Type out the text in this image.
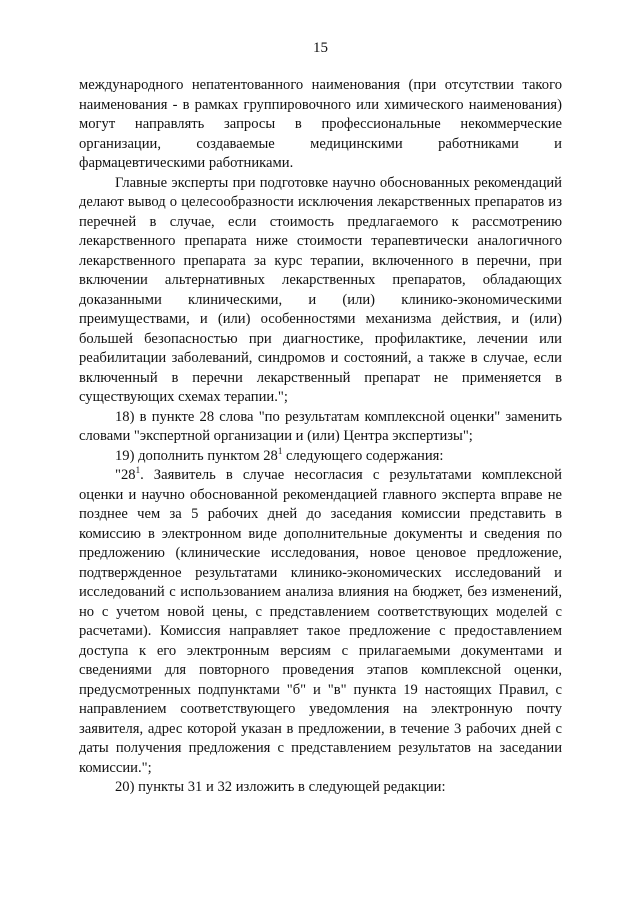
15

международного непатентованного наименования (при отсутствии такого наименования - в рамках группировочного или химического наименования) могут направлять запросы в профессиональные некоммерческие организации, создаваемые медицинскими работниками и фармацевтическими работниками.

Главные эксперты при подготовке научно обоснованных рекомендаций делают вывод о целесообразности исключения лекарственных препаратов из перечней в случае, если стоимость предлагаемого к рассмотрению лекарственного препарата ниже стоимости терапевтически аналогичного лекарственного препарата за курс терапии, включенного в перечни, при включении альтернативных лекарственных препаратов, обладающих доказанными клиническими, и (или) клинико-экономическими преимуществами, и (или) особенностями механизма действия, и (или) большей безопасностью при диагностике, профилактике, лечении или реабилитации заболеваний, синдромов и состояний, а также в случае, если включенный в перечни лекарственный препарат не применяется в существующих схемах терапии.";

18) в пункте 28 слова "по результатам комплексной оценки" заменить словами "экспертной организации и (или) Центра экспертизы";

19) дополнить пунктом $28^1$ следующего содержания:

"$28^1$. Заявитель в случае несогласия с результатами комплексной оценки и научно обоснованной рекомендацией главного эксперта вправе не позднее чем за 5 рабочих дней до заседания комиссии представить в комиссию в электронном виде дополнительные документы и сведения по предложению (клинические исследования, новое ценовое предложение, подтвержденное результатами клинико-экономических исследований и исследований с использованием анализа влияния на бюджет, без изменений, но с учетом новой цены, с представлением соответствующих моделей с расчетами). Комиссия направляет такое предложение с предоставлением доступа к его электронным версиям с прилагаемыми документами и сведениями для повторного проведения этапов комплексной оценки, предусмотренных подпунктами "б" и "в" пункта 19 настоящих Правил, с направлением соответствующего уведомления на электронную почту заявителя, адрес которой указан в предложении, в течение 3 рабочих дней с даты получения предложения с представлением результатов на заседании комиссии.";

20) пункты 31 и 32 изложить в следующей редакции:
